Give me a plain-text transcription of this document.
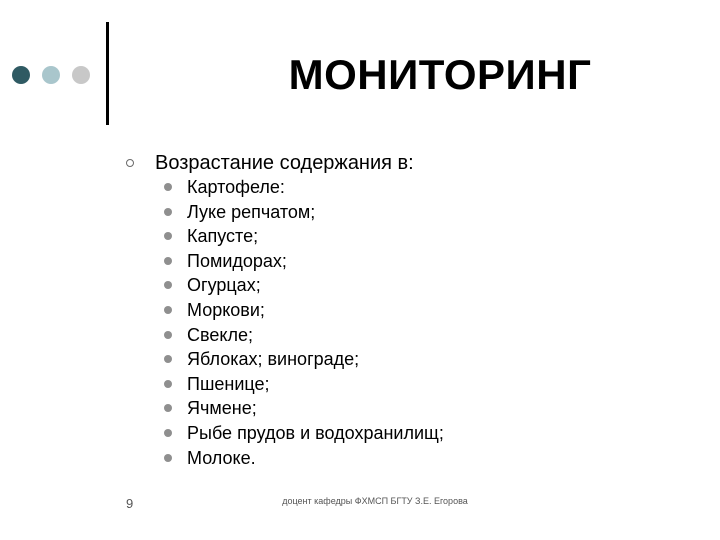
МОНИТОРИНГ
Возрастание содержания в:
Картофеле:
Луке репчатом;
Капусте;
Помидорах;
Огурцах;
Моркови;
Свекле;
Яблоках; винограде;
Пшенице;
Ячмене;
Рыбе прудов и водохранилищ;
Молоке.
9	доцент кафедры ФХМСП БГТУ З.Е. Егорова
